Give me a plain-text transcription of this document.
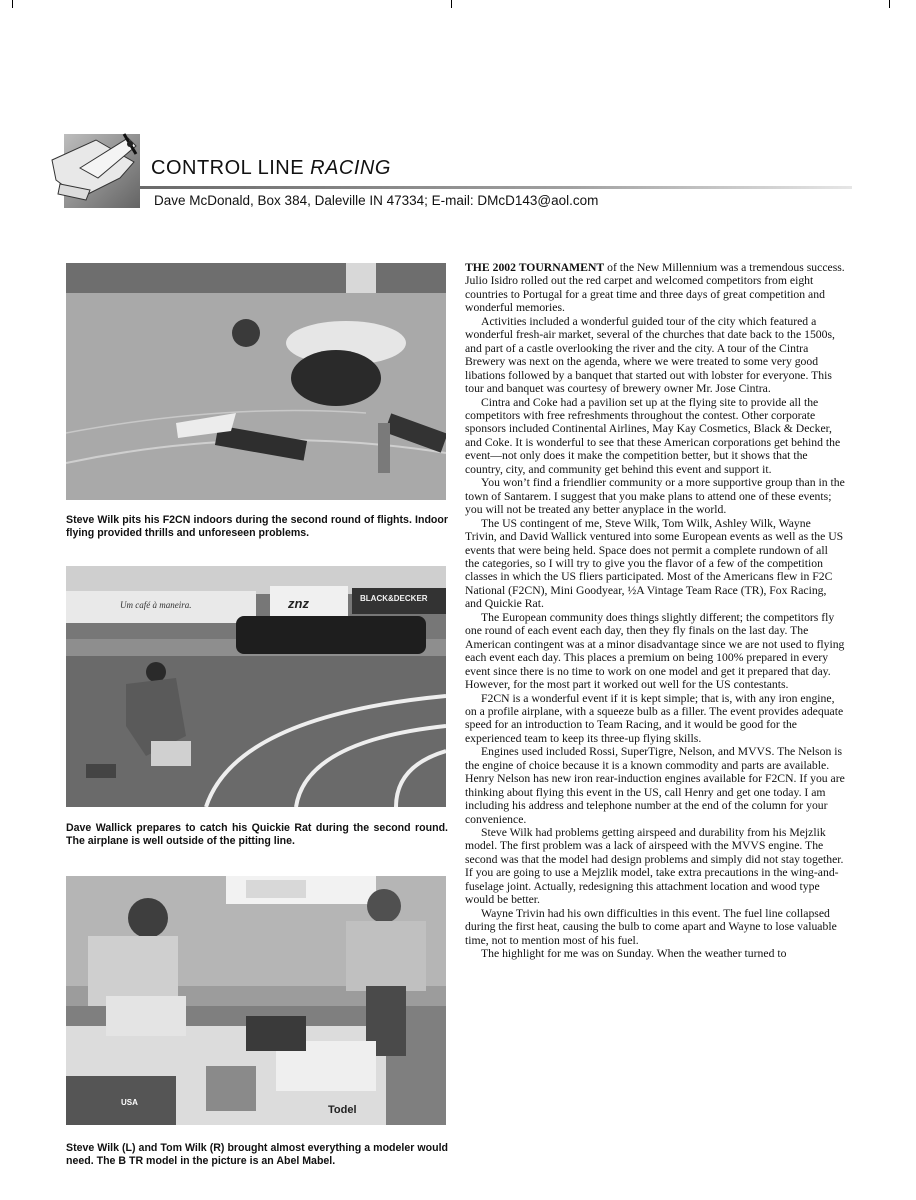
CONTROL LINE RACING
Dave McDonald, Box 384, Daleville IN 47334; E-mail: DMcD143@aol.com
Steve Wilk pits his F2CN indoors during the second round of flights. Indoor flying provided thrills and unforeseen problems.
Um café à maneira.	znz	BLACK&DECKER
Dave Wallick prepares to catch his Quickie Rat during the second round. The airplane is well outside of the pitting line.
USA
Todel
Steve Wilk (L) and Tom Wilk (R) brought almost everything a modeler would need. The B TR model in the picture is an Abel Mabel.

THE 2002 TOURNAMENT of the New Millennium was a tremendous success. Julio Isidro rolled out the red carpet and welcomed competitors from eight countries to Portugal for a great time and three days of great competition and wonderful memories.

Activities included a wonderful guided tour of the city which featured a wonderful fresh-air market, several of the churches that date back to the 1500s, and part of a castle overlooking the river and the city. A tour of the Cintra Brewery was next on the agenda, where we were treated to some very good libations followed by a banquet that started out with lobster for everyone. This tour and banquet was courtesy of brewery owner Mr. Jose Cintra.

Cintra and Coke had a pavilion set up at the flying site to provide all the competitors with free refreshments throughout the contest. Other corporate sponsors included Continental Airlines, May Kay Cosmetics, Black & Decker, and Coke. It is wonderful to see that these American corporations get behind the event—not only does it make the competition better, but it shows that the country, city, and community get behind this event and support it.

You won’t find a friendlier community or a more supportive group than in the town of Santarem. I suggest that you make plans to attend one of these events; you will not be treated any better anyplace in the world.

The US contingent of me, Steve Wilk, Tom Wilk, Ashley Wilk, Wayne Trivin, and David Wallick ventured into some European events as well as the US events that were being held. Space does not permit a complete rundown of all the categories, so I will try to give you the flavor of a few of the competition classes in which the US fliers participated. Most of the Americans flew in F2C National (F2CN), Mini Goodyear, ½A Vintage Team Race (TR), Fox Racing, and Quickie Rat.

The European community does things slightly different; the competitors fly one round of each event each day, then they fly finals on the last day. The American contingent was at a minor disadvantage since we are not used to flying each event each day. This places a premium on being 100% prepared in every event since there is no time to work on one model and get it prepared that day. However, for the most part it worked out well for the US contestants.

F2CN is a wonderful event if it is kept simple; that is, with any iron engine, on a profile airplane, with a squeeze bulb as a filler. The event provides adequate speed for an introduction to Team Racing, and it would be good for the experienced team to keep its three-up flying skills.

Engines used included Rossi, SuperTigre, Nelson, and MVVS. The Nelson is the engine of choice because it is a known commodity and parts are available. Henry Nelson has new iron rear-induction engines available for F2CN. If you are thinking about flying this event in the US, call Henry and get one today. I am including his address and telephone number at the end of the column for your convenience.

Steve Wilk had problems getting airspeed and durability from his Mejzlik model. The first problem was a lack of airspeed with the MVVS engine. The second was that the model had design problems and simply did not stay together. If you are going to use a Mejzlik model, take extra precautions in the wing-and-fuselage joint. Actually, redesigning this attachment location and wood type would be better.

Wayne Trivin had his own difficulties in this event. The fuel line collapsed during the first heat, causing the bulb to come apart and Wayne to lose valuable time, not to mention most of his fuel.

The highlight for me was on Sunday. When the weather turned to
